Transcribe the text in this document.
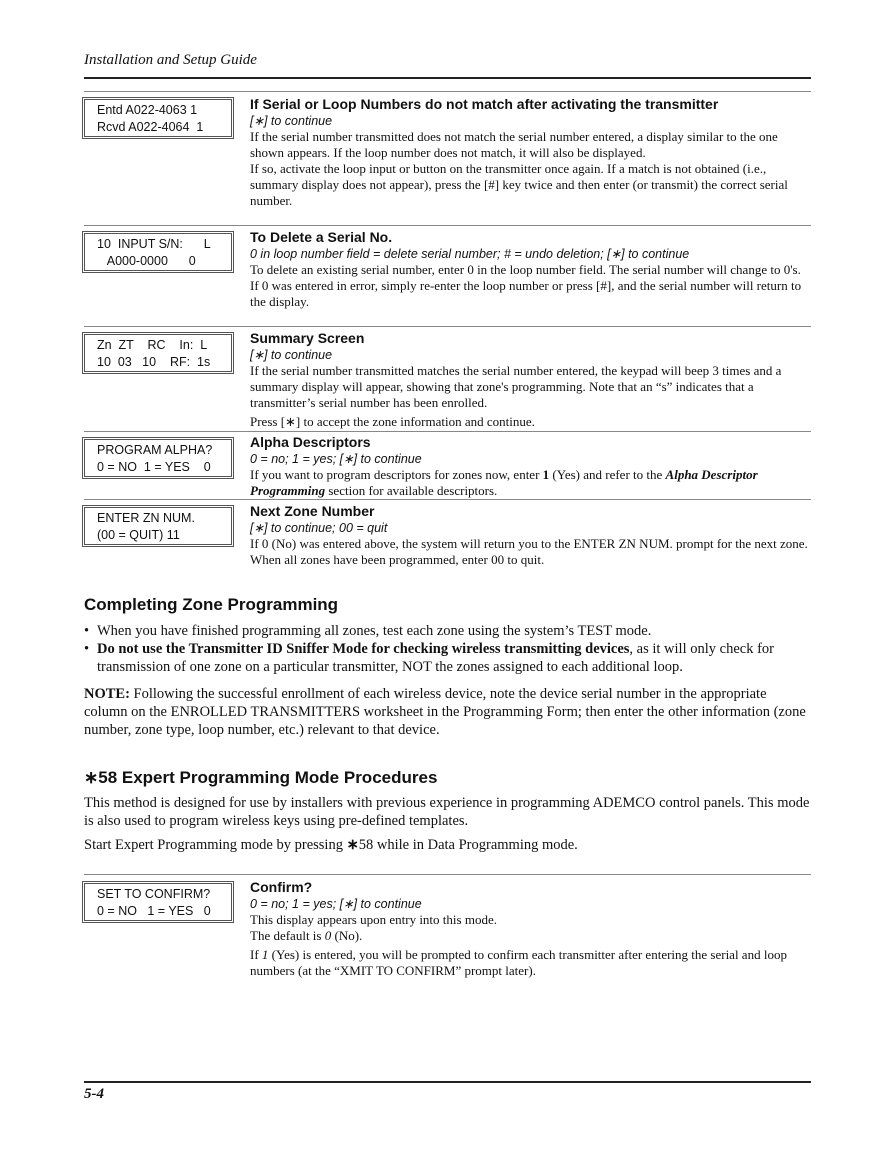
Installation and Setup Guide
Entd A022-4063 1
Rcvd A022-4064  1
If Serial or Loop Numbers do not match after activating the transmitter
[∗] to continue

If the serial number transmitted does not match the serial number entered, a display similar to the one shown appears. If the loop number does not match, it will also be displayed.

If so, activate the loop input or button on the transmitter once again. If a match is not obtained (i.e., summary display does not appear), press the [#] key twice and then enter (or transmit) the correct serial number.

10  INPUT S/N:      L
A000-0000      0
To Delete a Serial No.
0 in loop number field = delete serial number; # = undo deletion; [∗] to continue

To delete an existing serial number, enter 0 in the loop number field. The serial number will change to 0's.

If 0 was entered in error, simply re-enter the loop number or press [#], and the serial number will return to the display.

Zn  ZT    RC    In:  L
10  03   10    RF:  1s
Summary Screen
[∗] to continue

If the serial number transmitted matches the serial number entered, the keypad will beep 3 times and a summary display will appear, showing that zone's programming. Note that an “s” indicates that a transmitter’s serial number has been enrolled.

Press [∗] to accept the zone information and continue.

PROGRAM ALPHA?
0 = NO  1 = YES    0
Alpha Descriptors
0 = no; 1 = yes; [∗] to continue

If you want to program descriptors for zones now, enter 1 (Yes) and refer to the Alpha Descriptor Programming section for available descriptors.

ENTER ZN NUM.
(00 = QUIT) 11
Next Zone Number
[∗] to continue; 00 = quit

If 0 (No) was entered above, the system will return you to the ENTER ZN NUM. prompt for the next zone.

When all zones have been programmed, enter 00 to quit.

Completing Zone Programming
• When you have finished programming all zones, test each zone using the system’s TEST mode.
• Do not use the Transmitter ID Sniffer Mode for checking wireless transmitting devices, as it will only check for transmission of one zone on a particular transmitter, NOT the zones assigned to each additional loop.

NOTE: Following the successful enrollment of each wireless device, note the device serial number in the appropriate column on the ENROLLED TRANSMITTERS worksheet in the Programming Form; then enter the other information (zone number, zone type, loop number, etc.) relevant to that device.

∗58 Expert Programming Mode Procedures

This method is designed for use by installers with previous experience in programming ADEMCO control panels. This mode is also used to program wireless keys using pre-defined templates.

Start Expert Programming mode by pressing ∗58 while in Data Programming mode.

SET TO CONFIRM?
0 = NO   1 = YES   0
Confirm?
0 = no; 1 = yes; [∗] to continue

This display appears upon entry into this mode.

The default is 0 (No).

If 1 (Yes) is entered, you will be prompted to confirm each transmitter after entering the serial and loop numbers (at the “XMIT TO CONFIRM” prompt later).

5-4
